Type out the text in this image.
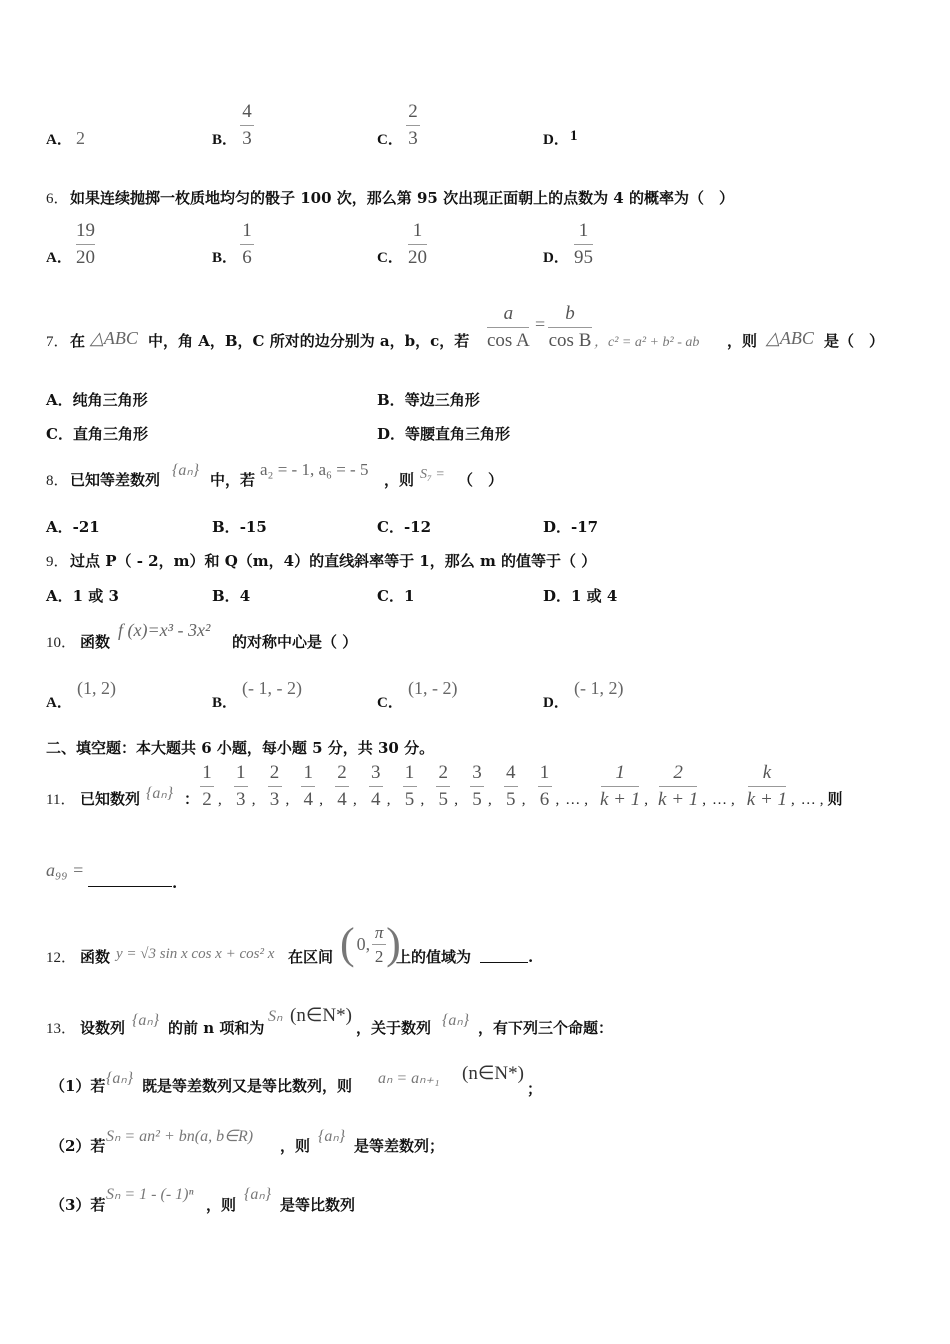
A． 2	B．
4
3	C．
2
3	D． 1
6． 如果连续抛掷一枚质地均匀的骰子 100 次，那么第 95 次出现正面朝上的点数为 4 的概率为（　）
A．
19
20	B．
1
6	C．
1
20	D．
1
95
7． 在 △ABC 中，角 A，B，C 所对的边分别为 a，b，c，若
a
cos A
= b
cos B ，c² = a² + b² - ab ，则 △ABC 是（　）
A．纯角三角形	B．等边三角形
C．直角三角形	D．等腰直角三角形
8． 已知等差数列
{aₙ}
中，若
a₂ = - 1, a₆ = - 5
，则 S₇ = （　）
A．-21	B．-15	C．-12	D．-17
9． 过点 P（ - 2，m）和 Q（m，4）的直线斜率等于 1，那么 m 的值等于（ ）
A．1 或 3	B．4	C．1	D．1 或 4
10． 函数
f (x)=x³ - 3x²
的对称中心是（ ）
A．
(1, 2)
B．
(- 1, - 2)
C．
(1, - 2)
D．
(- 1, 2)
二、填空题：本大题共 6 小题，每小题 5 分，共 30 分。
11． 已知数列 {aₙ} ： $\frac{1}{2}$ , $\frac{1}{3}$ , $\frac{2}{3}$ , $\frac{1}{4}$ , $\frac{2}{4}$ , $\frac{3}{4}$ , $\frac{1}{5}$ , $\frac{2}{5}$ , $\frac{3}{5}$ , $\frac{4}{5}$ , $\frac{1}{6}$ , … , $\frac{1}{k + 1}$ , $\frac{2}{k + 1}$ , … , $\frac{k}{k + 1}$ , … , 则
a₉₉ =
.
12． 函数 y = √3 sin x cos x + cos² x 在区间 ( 0, $\frac{\pi}{2}$ )
上的值域为	.
13． 设数列 {aₙ} 的前 n 项和为
Sₙ (n∈N*)
，关于数列 {aₙ} ，有下列三个命题：
（1）若 {aₙ} 既是等差数列又是等比数列，则 aₙ = aₙ₊₁ (n∈N*)
；
（2）若
Sₙ = an² + bn(a, b∈R)
，则
{aₙ}
是等差数列；
（3）若
Sₙ = 1 - (- 1)ⁿ
，则
{aₙ}
是等比数列
